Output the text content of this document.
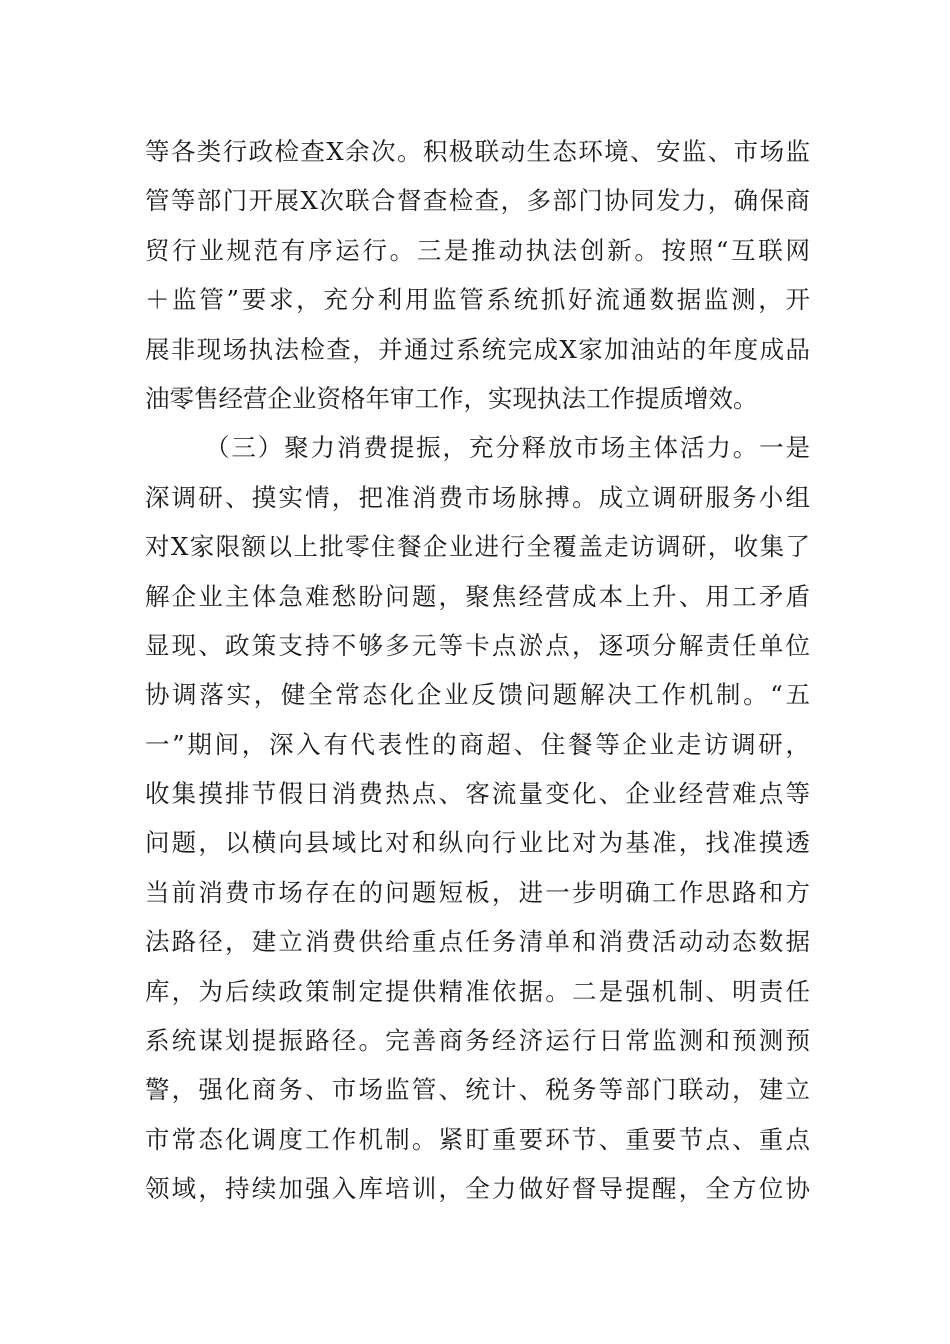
等各类行政检查X余次。积极联动生态环境、安监、市场监
管等部门开展X次联合督查检查，多部门协同发力，确保商
贸行业规范有序运行。三是推动执法创新。按照“互联网
＋监管”要求，充分利用监管系统抓好流通数据监测，开
展非现场执法检查，并通过系统完成X家加油站的年度成品
油零售经营企业资格年审工作，实现执法工作提质增效。
（三）聚力消费提振，充分释放市场主体活力。一是
深调研、摸实情，把准消费市场脉搏。成立调研服务小组
对X家限额以上批零住餐企业进行全覆盖走访调研，收集了
解企业主体急难愁盼问题，聚焦经营成本上升、用工矛盾
显现、政策支持不够多元等卡点淤点，逐项分解责任单位
协调落实，健全常态化企业反馈问题解决工作机制。“五
一”期间，深入有代表性的商超、住餐等企业走访调研，
收集摸排节假日消费热点、客流量变化、企业经营难点等
问题，以横向县域比对和纵向行业比对为基准，找准摸透
当前消费市场存在的问题短板，进一步明确工作思路和方
法路径，建立消费供给重点任务清单和消费活动动态数据
库，为后续政策制定提供精准依据。二是强机制、明责任
系统谋划提振路径。完善商务经济运行日常监测和预测预
警，强化商务、市场监管、统计、税务等部门联动，建立
市常态化调度工作机制。紧盯重要环节、重要节点、重点
领域，持续加强入库培训，全力做好督导提醒，全方位协
